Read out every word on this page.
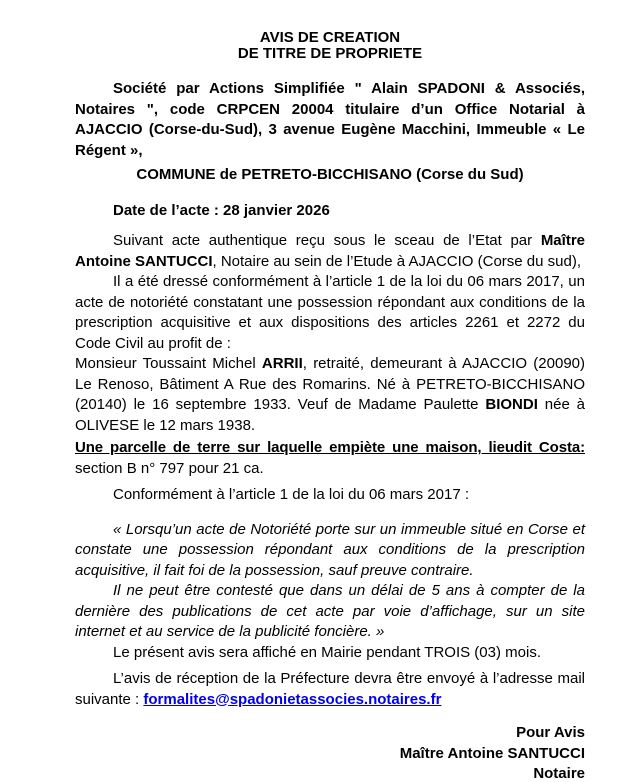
AVIS DE CREATION
DE TITRE DE PROPRIETE

Société par Actions Simplifiée " Alain SPADONI & Associés, Notaires ", code CRPCEN 20004 titulaire d’un Office Notarial à AJACCIO (Corse-du-Sud), 3 avenue Eugène Macchini, Immeuble « Le Régent »,

COMMUNE de PETRETO-BICCHISANO (Corse du Sud)

Date de l’acte : 28 janvier 2026

Suivant acte authentique reçu sous le sceau de l’Etat par Maître Antoine SANTUCCI, Notaire au sein de l’Etude à AJACCIO (Corse du sud),

Il a été dressé conformément à l’article 1 de la loi du 06 mars 2017, un acte de notoriété constatant une possession répondant aux conditions de la prescription acquisitive et aux dispositions des articles 2261 et 2272 du Code Civil au profit de :

Monsieur Toussaint Michel ARRII, retraité, demeurant à AJACCIO (20090) Le Renoso, Bâtiment A Rue des Romarins. Né à PETRETO-BICCHISANO (20140) le 16 septembre 1933. Veuf de Madame Paulette BIONDI née à OLIVESE le 12 mars 1938.

Une parcelle de terre sur laquelle empiète une maison, lieudit Costa:

section B n° 797 pour 21 ca.

Conformément à l’article 1 de la loi du 06 mars 2017 :

« Lorsqu’un acte de Notoriété porte sur un immeuble situé en Corse et constate une possession répondant aux conditions de la prescription acquisitive, il fait foi de la possession, sauf preuve contraire.

Il ne peut être contesté que dans un délai de 5 ans à compter de la dernière des publications de cet acte par voie d’affichage, sur un site internet et au service de la publicité foncière. »

Le présent avis sera affiché en Mairie pendant TROIS (03) mois.

L’avis de réception de la Préfecture devra être envoyé à l’adresse mail suivante : formalites@spadonietassocies.notaires.fr

Pour Avis
Maître Antoine SANTUCCI
Notaire
